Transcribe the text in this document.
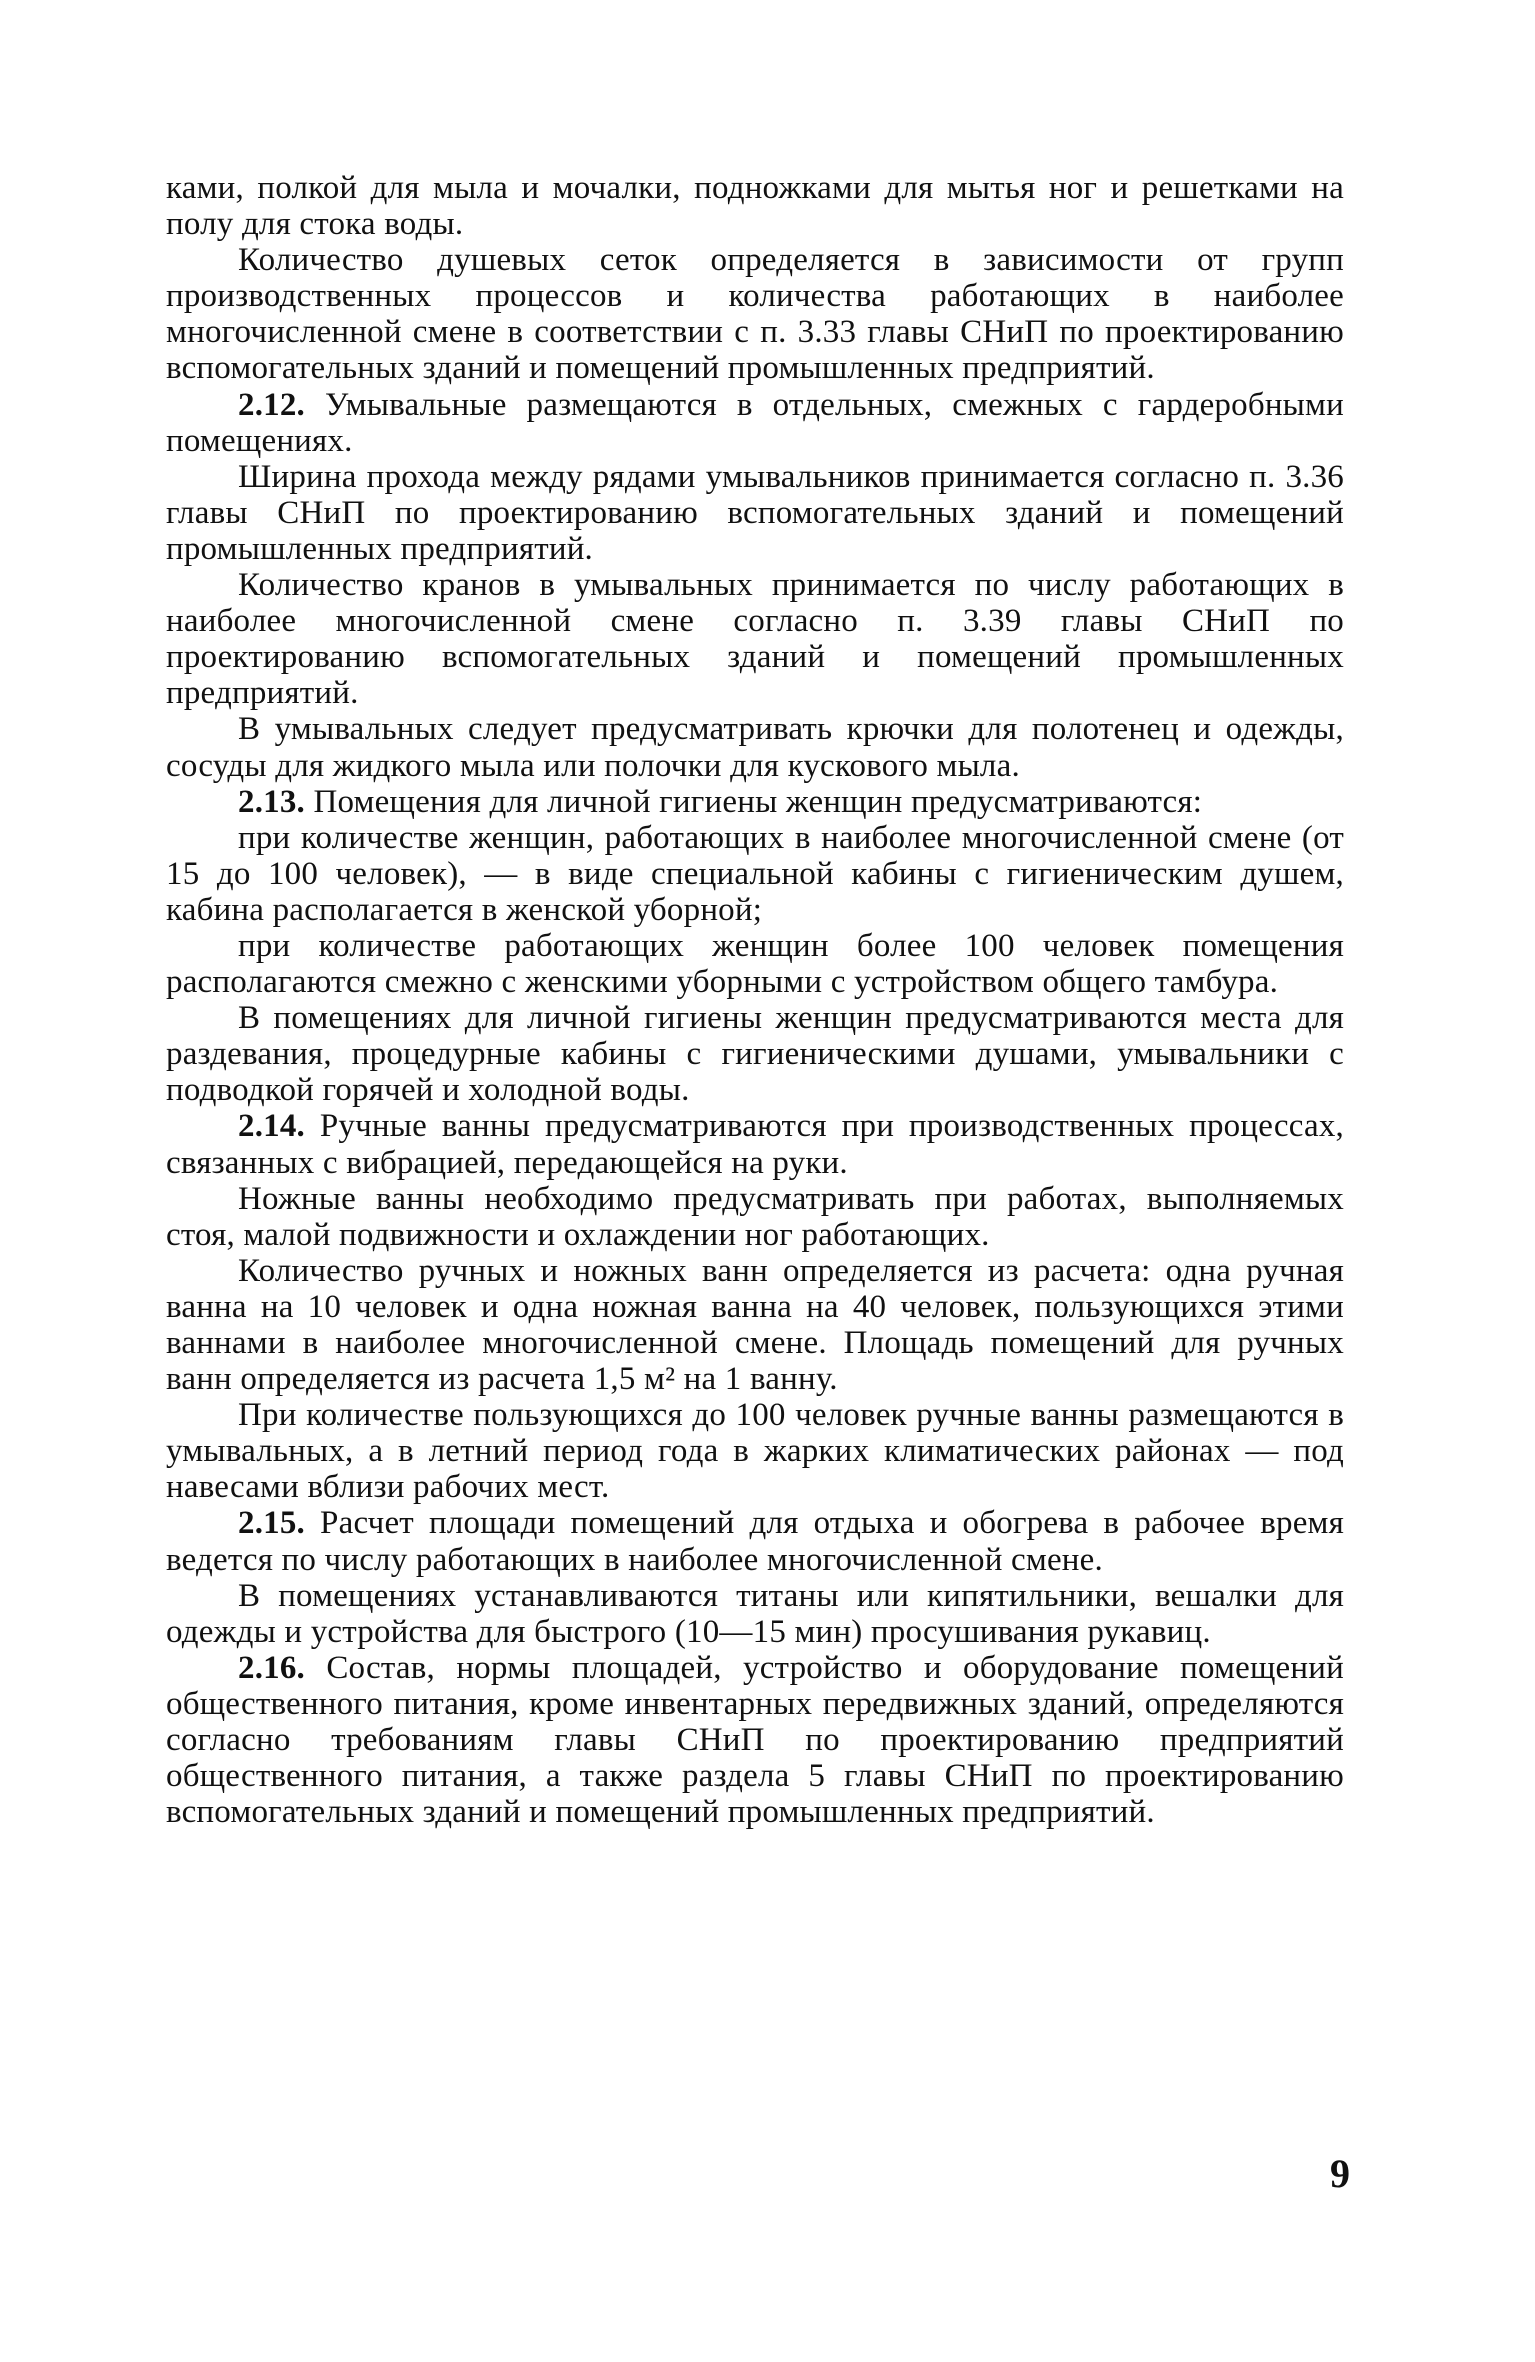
ками, полкой для мыла и мочалки, подножками для мытья ног и решетками на полу для стока воды.

Количество душевых сеток определяется в зависимости от групп производственных процессов и количества работающих в наиболее многочисленной смене в соответствии с п. 3.33 главы СНиП по проектированию вспомогательных зданий и помещений промышленных предприятий.

2.12. Умывальные размещаются в отдельных, смежных с гардеробными помещениях.

Ширина прохода между рядами умывальников принимается согласно п. 3.36 главы СНиП по проектированию вспомогательных зданий и помещений промышленных предприятий.

Количество кранов в умывальных принимается по числу работающих в наиболее многочисленной смене согласно п. 3.39 главы СНиП по проектированию вспомогательных зданий и помещений промышленных предприятий.

В умывальных следует предусматривать крючки для полотенец и одежды, сосуды для жидкого мыла или полочки для кускового мыла.

2.13. Помещения для личной гигиены женщин предусматриваются:

при количестве женщин, работающих в наиболее многочисленной смене (от 15 до 100 человек), — в виде специальной кабины с гигиеническим душем, кабина располагается в женской уборной;

при количестве работающих женщин более 100 человек помещения располагаются смежно с женскими уборными с устройством общего тамбура.

В помещениях для личной гигиены женщин предусматриваются места для раздевания, процедурные кабины с гигиеническими душами, умывальники с подводкой горячей и холодной воды.

2.14. Ручные ванны предусматриваются при производственных процессах, связанных с вибрацией, передающейся на руки.

Ножные ванны необходимо предусматривать при работах, выполняемых стоя, малой подвижности и охлаждении ног работающих.

Количество ручных и ножных ванн определяется из расчета: одна ручная ванна на 10 человек и одна ножная ванна на 40 человек, пользующихся этими ваннами в наиболее многочисленной смене. Площадь помещений для ручных ванн определяется из расчета 1,5 м² на 1 ванну.

При количестве пользующихся до 100 человек ручные ванны размещаются в умывальных, а в летний период года в жарких климатических районах — под навесами вблизи рабочих мест.

2.15. Расчет площади помещений для отдыха и обогрева в рабочее время ведется по числу работающих в наиболее многочисленной смене.

В помещениях устанавливаются титаны или кипятильники, вешалки для одежды и устройства для быстрого (10—15 мин) просушивания рукавиц.

2.16. Состав, нормы площадей, устройство и оборудование помещений общественного питания, кроме инвентарных передвижных зданий, определяются согласно требованиям главы СНиП по проектированию предприятий общественного питания, а также раздела 5 главы СНиП по проектированию вспомогательных зданий и помещений промышленных предприятий.

9
